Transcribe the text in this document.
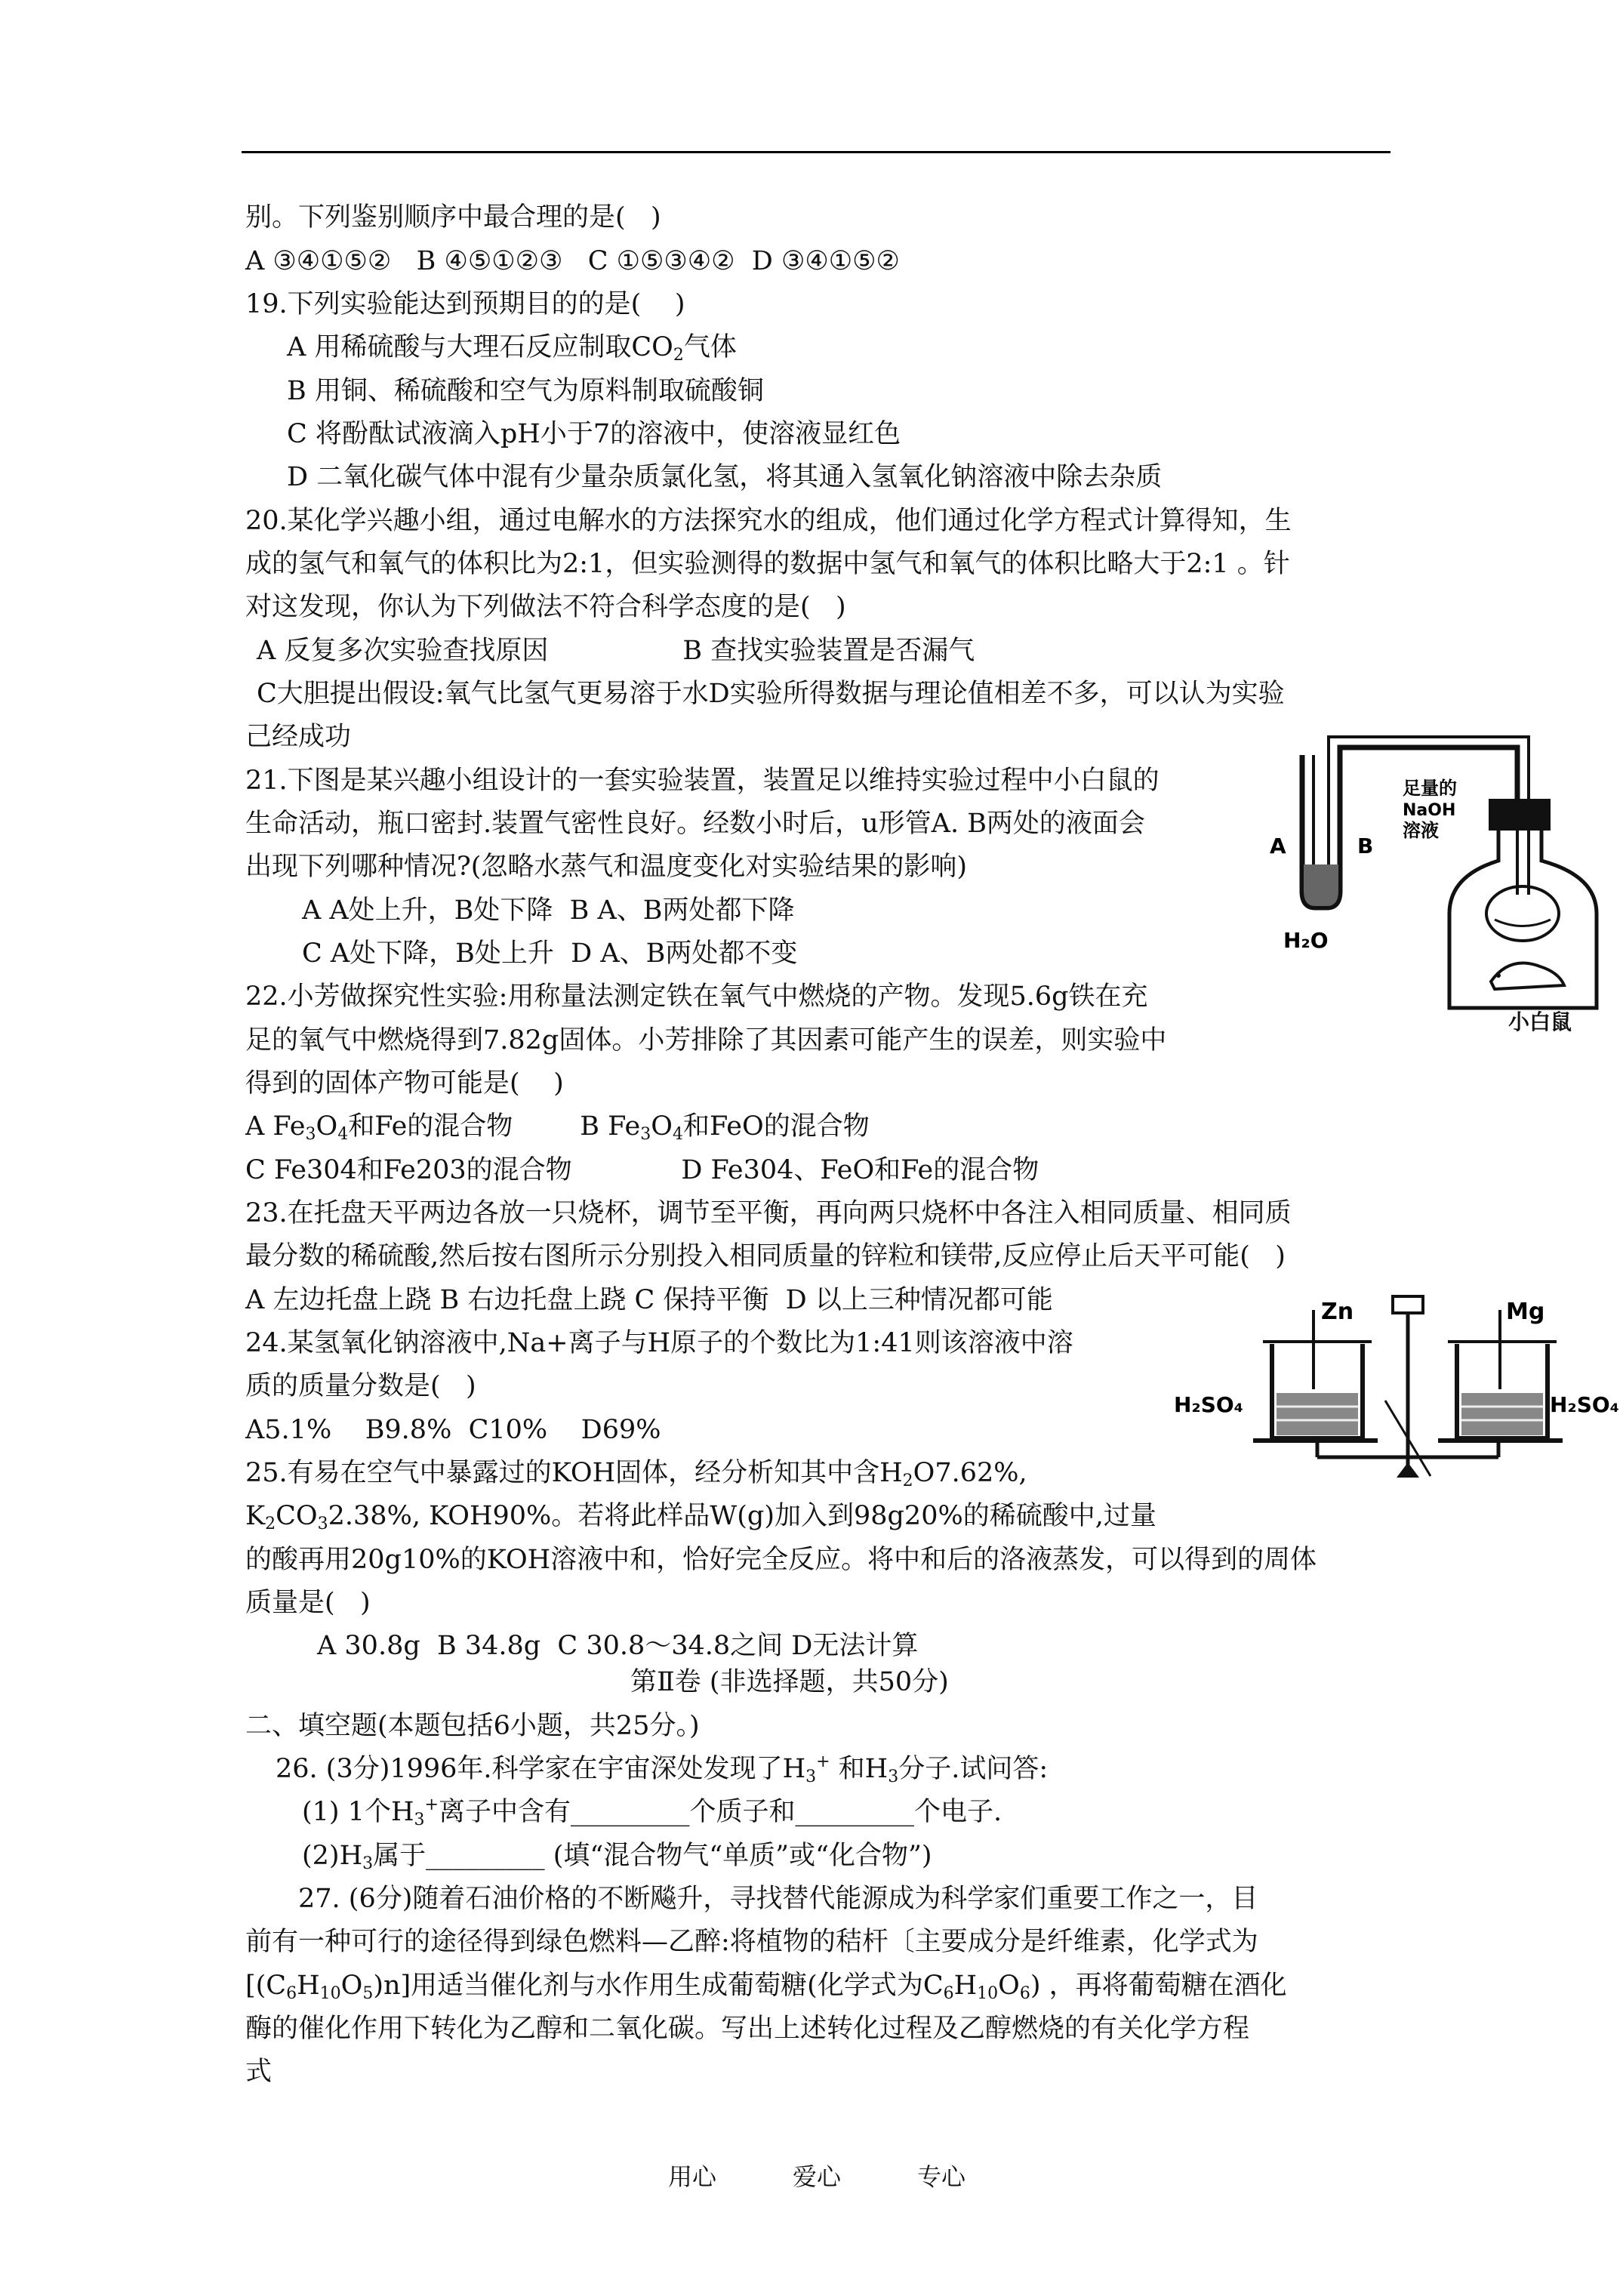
别。下列鉴别顺序中最合理的是(   )
A ③④①⑤②   B ④⑤①②③   C ①⑤③④②  D ③④①⑤②
19.下列实验能达到预期目的的是(    )
A 用稀硫酸与大理石反应制取$CO_2$气体
B 用铜、稀硫酸和空气为原料制取硫酸铜
C 将酚酞试液滴入pH小于7的溶液中，使溶液显红色
D 二氧化碳气体中混有少量杂质氯化氢，将其通入氢氧化钠溶液中除去杂质
20.某化学兴趣小组，通过电解水的方法探究水的组成，他们通过化学方程式计算得知，生
成的氢气和氧气的体积比为2:1，但实验测得的数据中氢气和氧气的体积比略大于2:1 。针
对这发现，你认为下列做法不符合科学态度的是(   )
A 反复多次实验查找原因                B 查找实验装置是否漏气
C大胆提出假设:氧气比氢气更易溶于水D实验所得数据与理论值相差不多，可以认为实验
己经成功
21.下图是某兴趣小组设计的一套实验装置，装置足以维持实验过程中小白鼠的
生命活动，瓶口密封.装置气密性良好。经数小时后，u形管A. B两处的液面会
出现下列哪种情况?(忽略水蒸气和温度变化对实验结果的影响)
A A处上升，B处下降  B A、B两处都下降
C A处下降，B处上升  D A、B两处都不变
22.小芳做探究性实验:用称量法测定铁在氧气中燃烧的产物。发现5.6g铁在充
足的氧气中燃烧得到7.82g固体。小芳排除了其因素可能产生的误差，则实验中
得到的固体产物可能是(    )
A $Fe_3O_4$和Fe的混合物        B $Fe_3O_4$和FeO的混合物
C Fe304和Fe203的混合物             D Fe304、FeO和Fe的混合物
23.在托盘天平两边各放一只烧杯，调节至平衡，再向两只烧杯中各注入相同质量、相同质
最分数的稀硫酸,然后按右图所示分别投入相同质量的锌粒和镁带,反应停止后天平可能(   )
A 左边托盘上跷 B 右边托盘上跷 C 保持平衡  D 以上三种情况都可能
24.某氢氧化钠溶液中,Na+离子与H原子的个数比为1:41则该溶液中溶
质的质量分数是(   )
A5.1%    B9.8%  C10%    D69%
25.有易在空气中暴露过的KOH固体，经分析知其中含$H_2O7.62\%$,
$K_2CO_32.38\%$, KOH90%。若将此样品W(g)加入到98g20%的稀硫酸中,过量
的酸再用20g10%的KOH溶液中和，恰好完全反应。将中和后的洛液蒸发，可以得到的周体
质量是(   )
A 30.8g  B 34.8g  C 30.8～34.8之间 D无法计算
第Ⅱ卷 (非选择题，共50分)
二、填空题(本题包括6小题，共25分。)
26. (3分)1996年.科学家在宇宙深处发现了$H_3^+$ 和$H_3$分子.试问答:
(1) 1个$H_3^+$离子中含有_________个质子和_________个电子.
$(2)H_3$属于_________ (填“混合物气“单质”或“化合物”)
27. (6分)随着石油价格的不断飚升，寻找替代能源成为科学家们重要工作之一，目
前有一种可行的途径得到绿色燃料—乙醉:将植物的秸杆〔主要成分是纤维素，化学式为
$[(C_6H_{10}O_5)n]$用适当催化剂与水作用生成葡萄糖(化学式为$C_6H_{10}O_6$) ，再将葡萄糖在酒化
酶的催化作用下转化为乙醇和二氧化碳。写出上述转化过程及乙醇燃烧的有关化学方程
式
A	B
H₂O
足量的
NaOH
溶液
小白鼠
Zn	Mg
H₂SO₄	H₂SO₄
用心	爱心	专心
